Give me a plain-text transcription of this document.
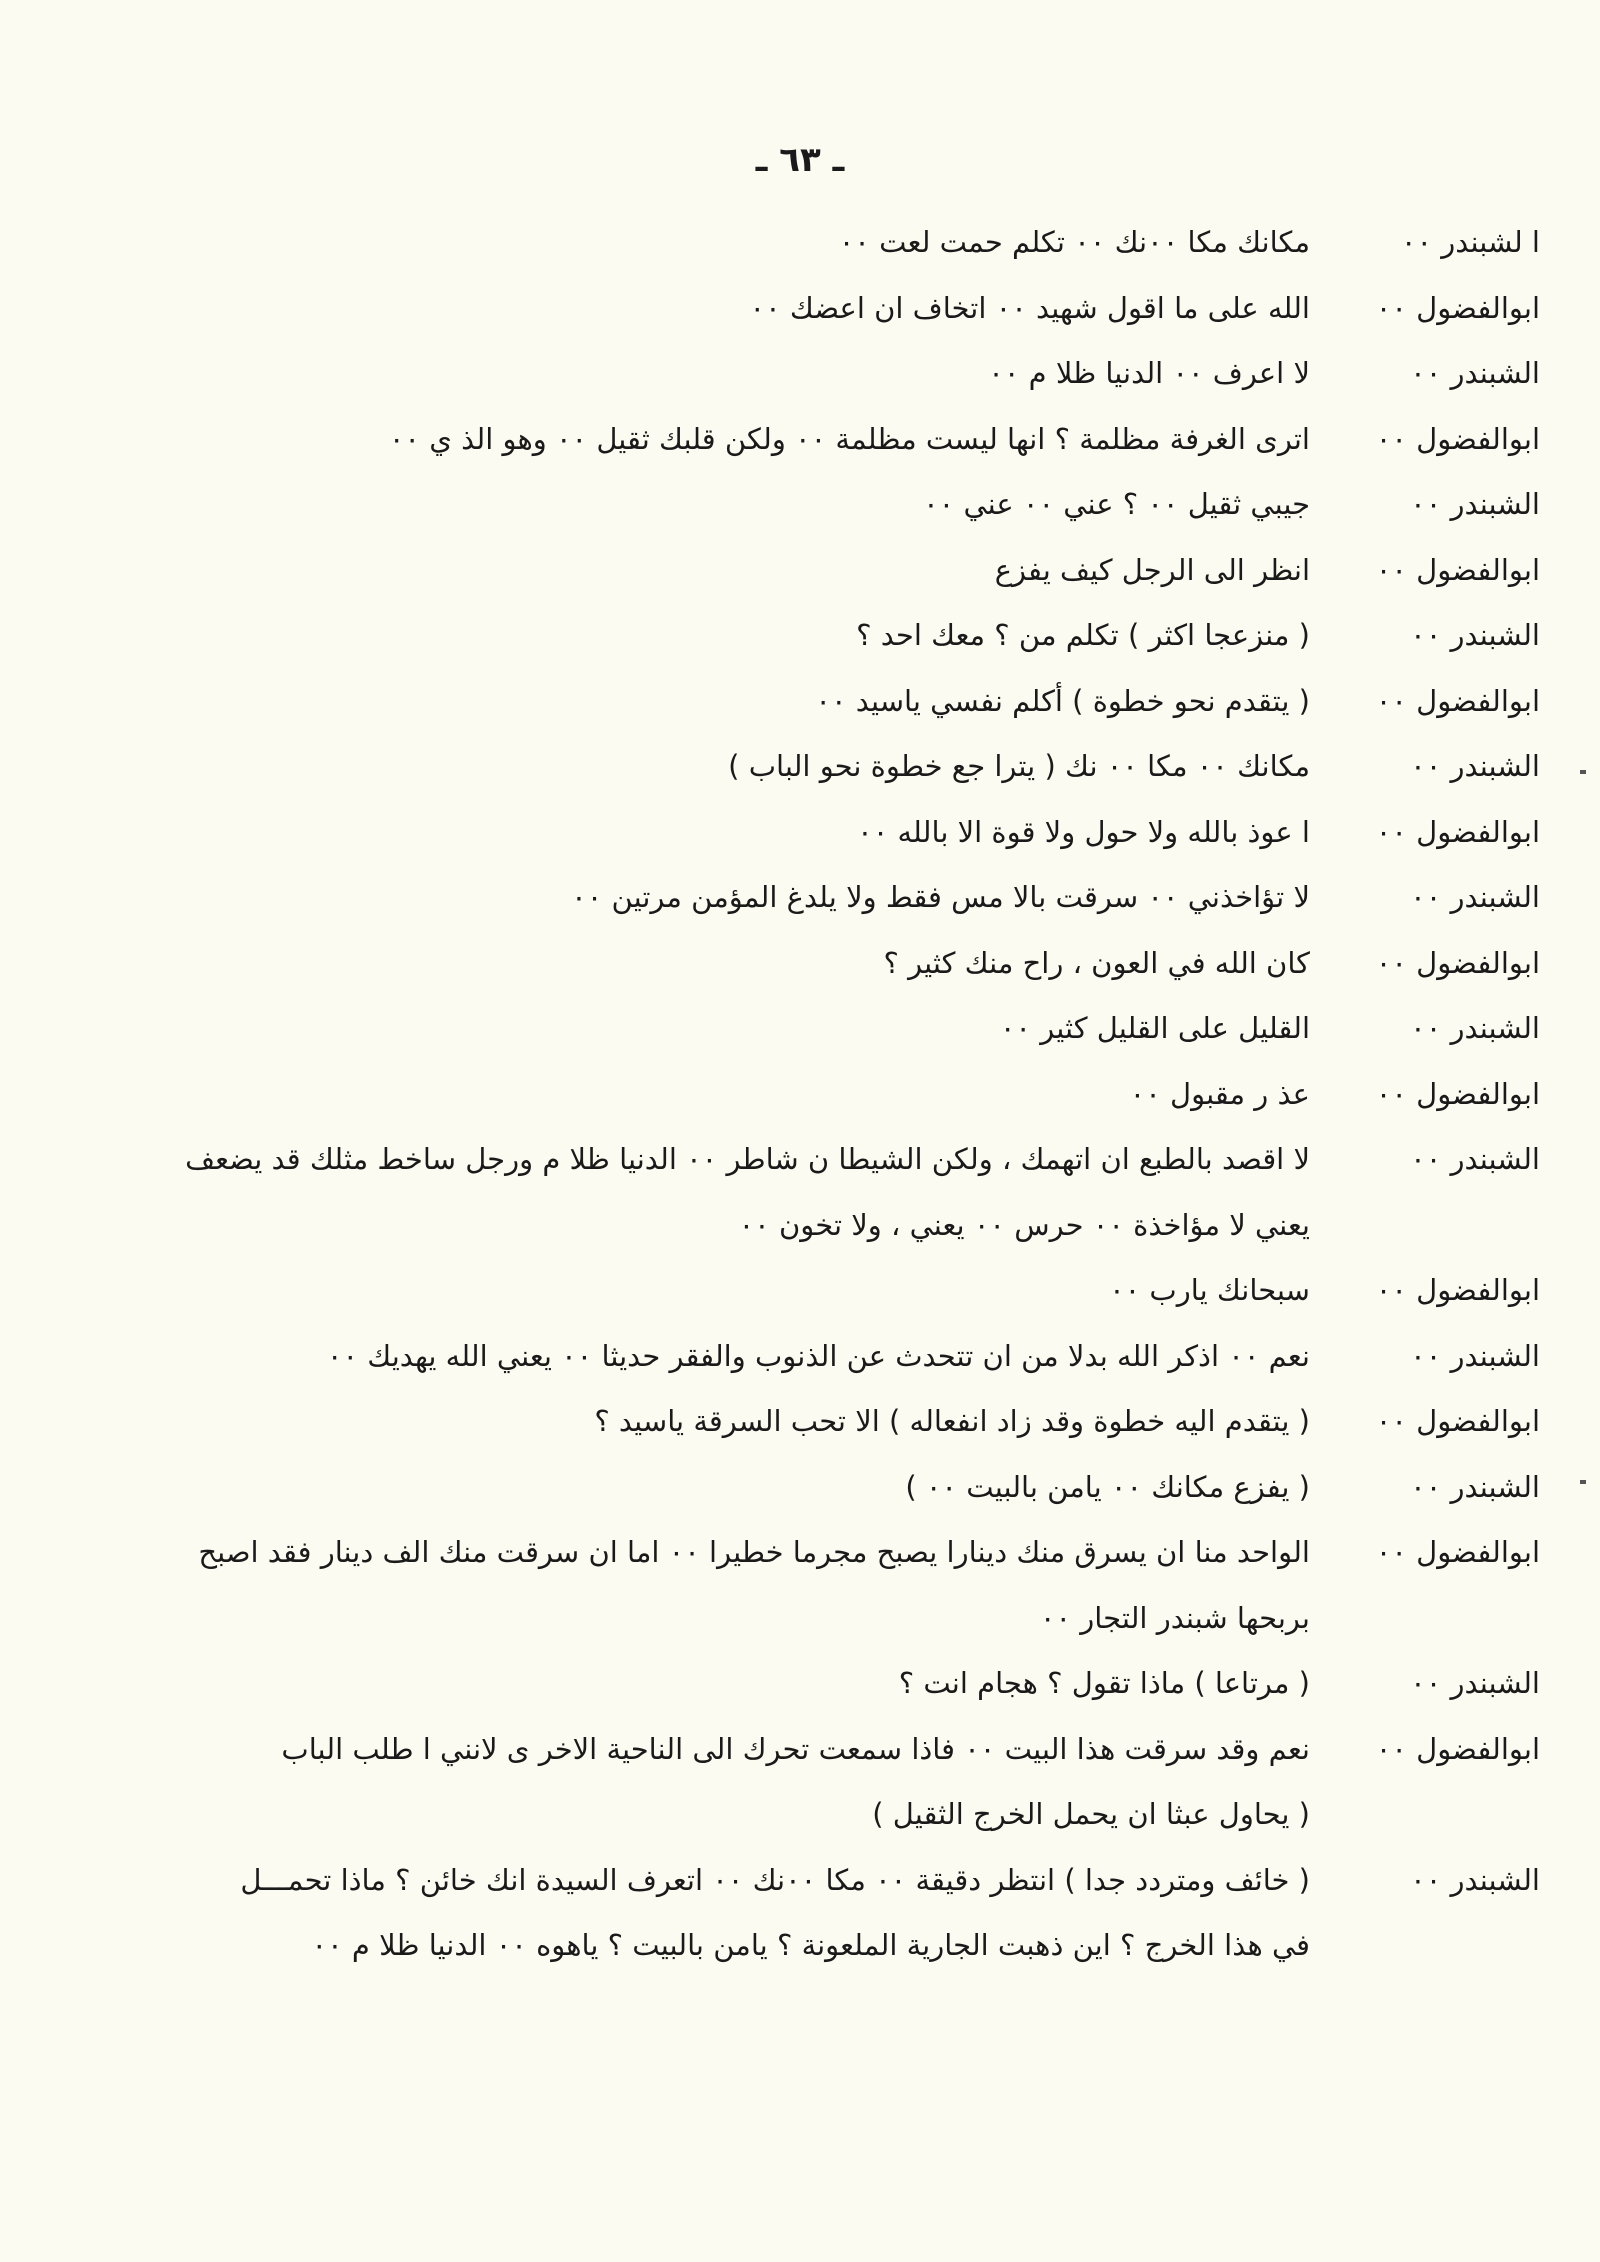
ـ ٦٣ ـ
ا لشبندر ٠٠
مكانك مكا ٠٠نك ٠٠ تكلم حمت لعت ٠٠
ابوالفضول ٠٠
الله على ما اقول شهيد ٠٠ اتخاف ان اعضك ٠٠
الشبندر ٠٠
لا اعرف ٠٠ الدنيا ظلا م ٠٠
ابوالفضول ٠٠
اترى الغرفة مظلمة ؟ انها ليست مظلمة ٠٠ ولكن قلبك ثقيل ٠٠ وهو الذ ي ٠٠
الشبندر ٠٠
جيبي ثقيل ٠٠ ؟ عني ٠٠ عني ٠٠
ابوالفضول ٠٠
انظر الى الرجل كيف يفزع
الشبندر ٠٠
( منزعجا اكثر ) تكلم من ؟ معك احد ؟
ابوالفضول ٠٠
( يتقدم نحو خطوة ) أكلم نفسي ياسيد ٠٠
الشبندر ٠٠
مكانك ٠٠ مكا ٠٠ نك ( يترا جع خطوة نحو الباب )
ابوالفضول ٠٠
ا عوذ بالله ولا حول ولا قوة الا بالله ٠٠
الشبندر ٠٠
لا تؤاخذني ٠٠ سرقت بالا مس فقط ولا يلدغ المؤمن مرتين ٠٠
ابوالفضول ٠٠
كان الله في العون ، راح منك كثير ؟
الشبندر ٠٠
القليل على القليل كثير ٠٠
ابوالفضول ٠٠
عذ ر مقبول ٠٠
الشبندر ٠٠
لا اقصد بالطبع ان اتهمك ، ولكن الشيطا ن شاطر ٠٠ الدنيا ظلا م ورجل ساخط مثلك قد يضعف
يعني لا مؤاخذة ٠٠ حرس ٠٠ يعني ، ولا تخون ٠٠
ابوالفضول ٠٠
سبحانك يارب ٠٠
الشبندر ٠٠
نعم ٠٠ اذكر الله بدلا من ان تتحدث عن الذنوب والفقر حديثا ٠٠ يعني الله يهديك ٠٠
ابوالفضول ٠٠
( يتقدم اليه خطوة وقد زاد انفعاله ) الا تحب السرقة ياسيد ؟
الشبندر ٠٠
( يفزع مكانك ٠٠ يامن بالبيت ٠٠ )
ابوالفضول ٠٠
الواحد منا ان يسرق منك دينارا يصبح مجرما خطيرا ٠٠ اما ان سرقت منك الف دينار فقد اصبح
بربحها شبندر التجار ٠٠
الشبندر ٠٠
( مرتاعا ) ماذا تقول ؟ هجام انت ؟
ابوالفضول ٠٠
نعم وقد سرقت هذا البيت ٠٠ فاذا سمعت تحرك الى الناحية الاخر ى لانني ا طلب الباب
( يحاول عبثا ان يحمل الخرج الثقيل )
الشبندر ٠٠
( خائف ومتردد جدا ) انتظر دقيقة ٠٠ مكا ٠٠نك ٠٠ اتعرف السيدة انك خائن ؟ ماذا تحمـــل
في هذا الخرج ؟ اين ذهبت الجارية الملعونة ؟ يامن بالبيت ؟ ياهوه ٠٠ الدنيا ظلا م ٠٠
